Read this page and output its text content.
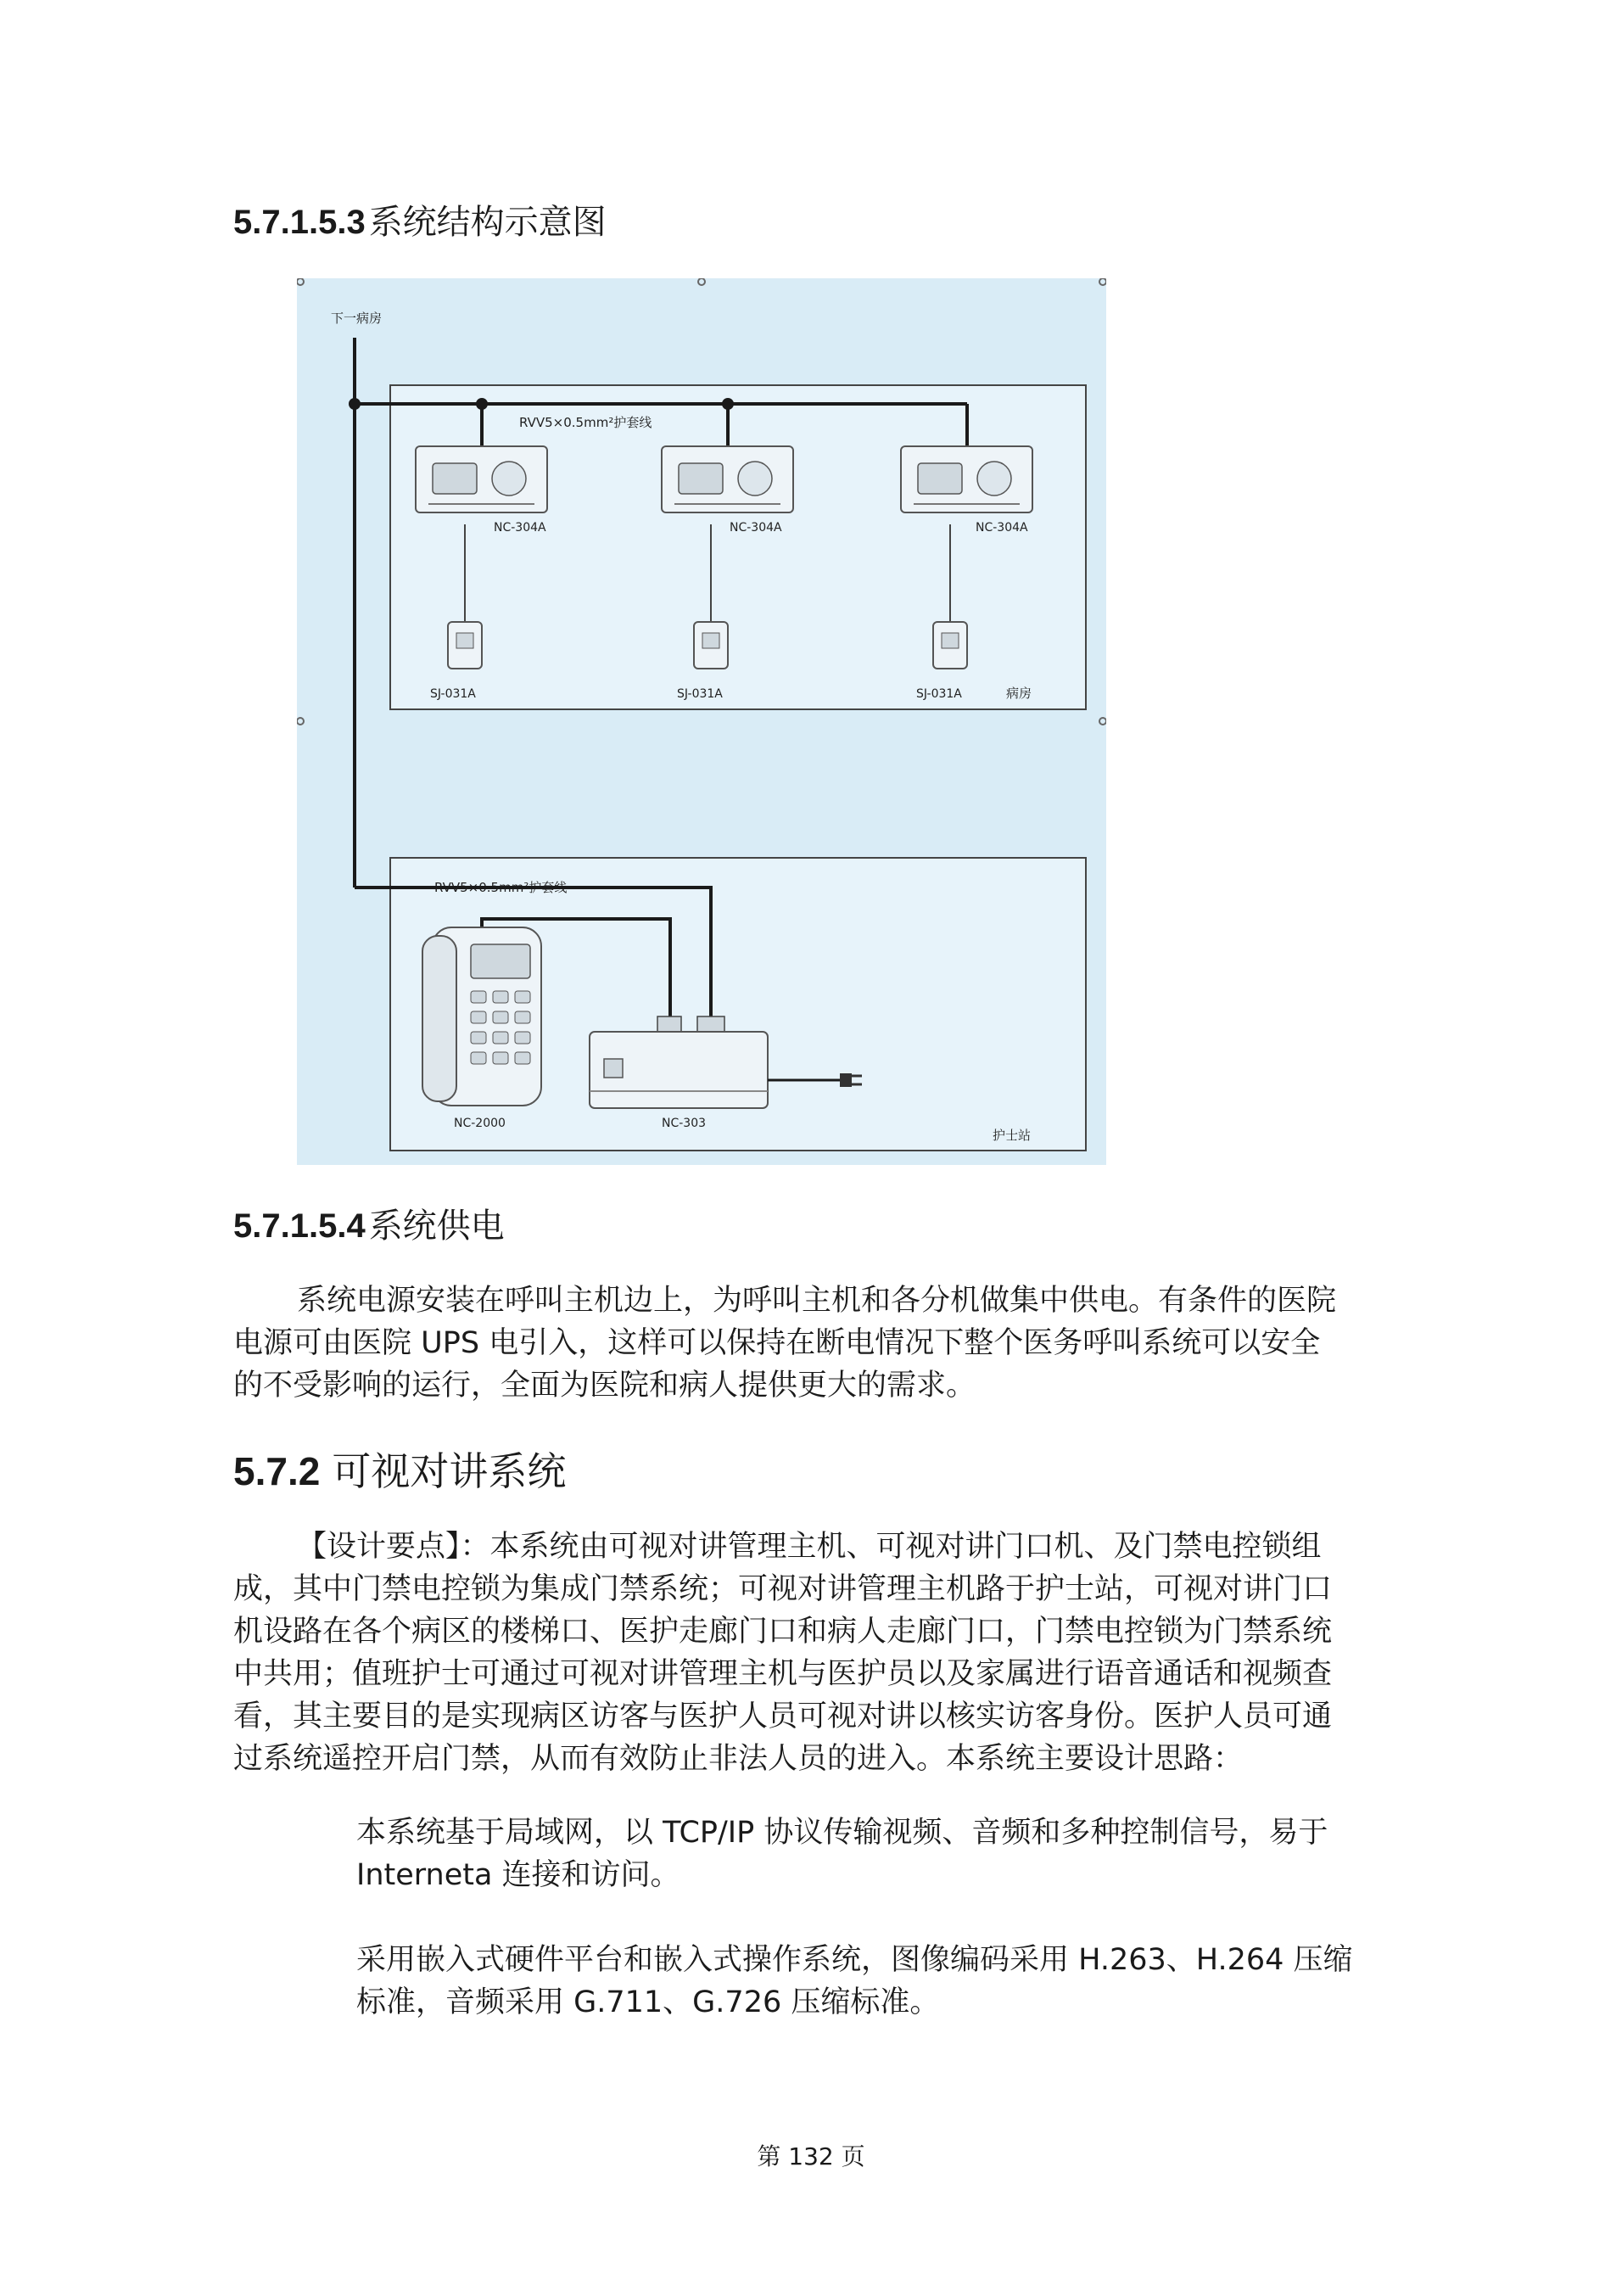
5.7.1.5.3 系统结构示意图
下一病房
RVV5×0.5mm²护套线
RVV5×0.5mm²护套线
病房
护士站
NC-304A
SJ-031A
NC-304A
SJ-031A
NC-304A
SJ-031A
NC-2000	NC-303
5.7.1.5.4 系统供电

系统电源安装在呼叫主机边上，为呼叫主机和各分机做集中供电。有条件的医院

电源可由医院 UPS 电引入，这样可以保持在断电情况下整个医务呼叫系统可以安全

的不受影响的运行，全面为医院和病人提供更大的需求。

5.7.2 可视对讲系统

【设计要点】：本系统由可视对讲管理主机、可视对讲门口机、及门禁电控锁组

成，其中门禁电控锁为集成门禁系统；可视对讲管理主机路于护士站，可视对讲门口

机设路在各个病区的楼梯口、医护走廊门口和病人走廊门口，门禁电控锁为门禁系统

中共用；值班护士可通过可视对讲管理主机与医护员以及家属进行语音通话和视频查

看，其主要目的是实现病区访客与医护人员可视对讲以核实访客身份。医护人员可通

过系统遥控开启门禁，从而有效防止非法人员的进入。本系统主要设计思路：

本系统基于局域网，以 TCP/IP 协议传输视频、音频和多种控制信号，易于
Interneta 连接和访问。
采用嵌入式硬件平台和嵌入式操作系统，图像编码采用 H.263、H.264 压缩
标准，音频采用 G.711、G.726 压缩标准。
第 132 页
